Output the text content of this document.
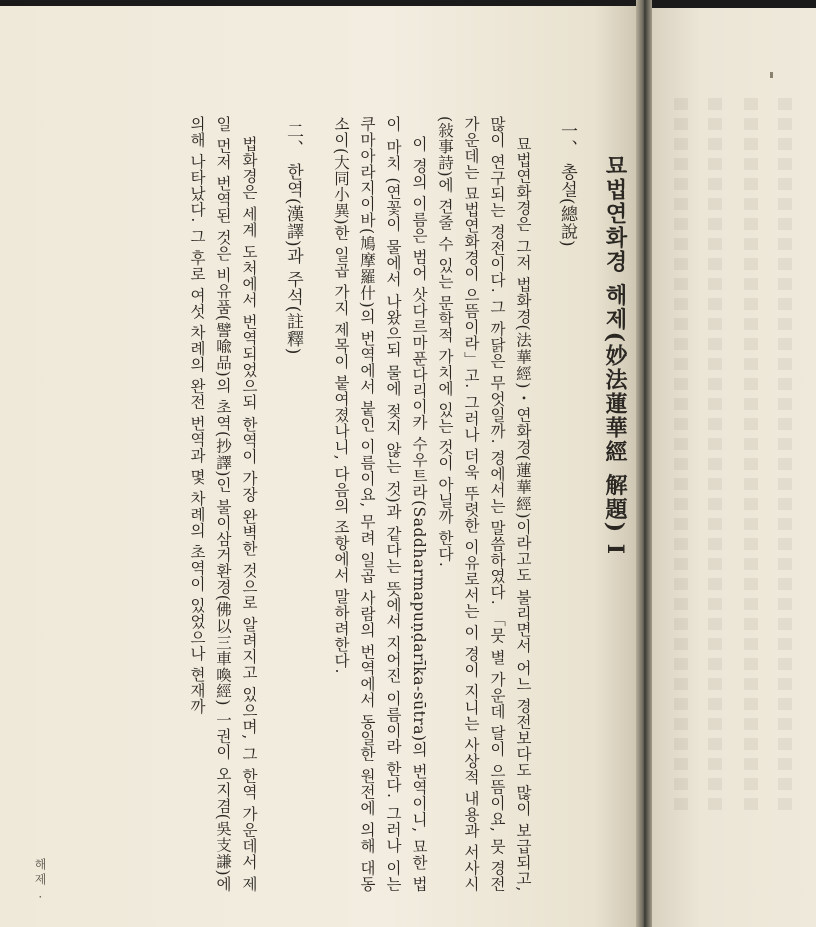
묘법연화경 해제(妙法蓮華經 解題) I
一、 총설(總說)

묘법연화경은 그저 법화경(法華經)・연화경(蓮華經)이라고도 불리면서 어느 경전보다도 많이 보급되고, 많이 연구되는 경전이다. 그 까닭은 무엇일까. 경에서는 말씀하였다. 「뭇 별 가운데 달이 으뜸이요, 뭇 경전 가운데는 묘법연화경이 으뜸이라」고. 그러나 더욱 뚜렷한 이유로서는 이 경이 지니는 사상적 내용과 서사시(敍事詩)에 견줄 수 있는 문학적 가치에 있는 것이 아닐까 한다.

이 경의 이름은 범어 삿다르마푼다리이카 수우트라(Saddharmapuṇḍarīka-sūtra)의 번역이니, 묘한 법이 마치 (연꽃이 물에서 나왔으되 물에 젖지 않는 것)과 같다는 뜻에서 지어진 이름이라 한다. 그러나 이는 쿠마아라지이바(鳩摩羅什)의 번역에서 붙인 이름이요, 무려 일곱 사람의 번역에서 동일한 원전에 의해 대동소이(大同小異)한 일곱 가지 제목이 붙여졌나니, 다음의 조항에서 말하려한다.

二、 한역(漢譯)과 주석(註釋)

법화경은 세계 도처에서 번역되었으되 한역이 가장 완벽한 것으로 알려지고 있으며, 그 한역 가운데서 제일 먼저 번역된 것은 비유품(譬喩品)의 초역(抄譯)인 불이삼거환경(佛以三車喚經) 一권이 오지겸(吳支謙)에 의해 나타났다. 그 후로 여섯 차례의 완전 번역과 몇 차례의 초역이 있었으나 현재까

해제 ·
